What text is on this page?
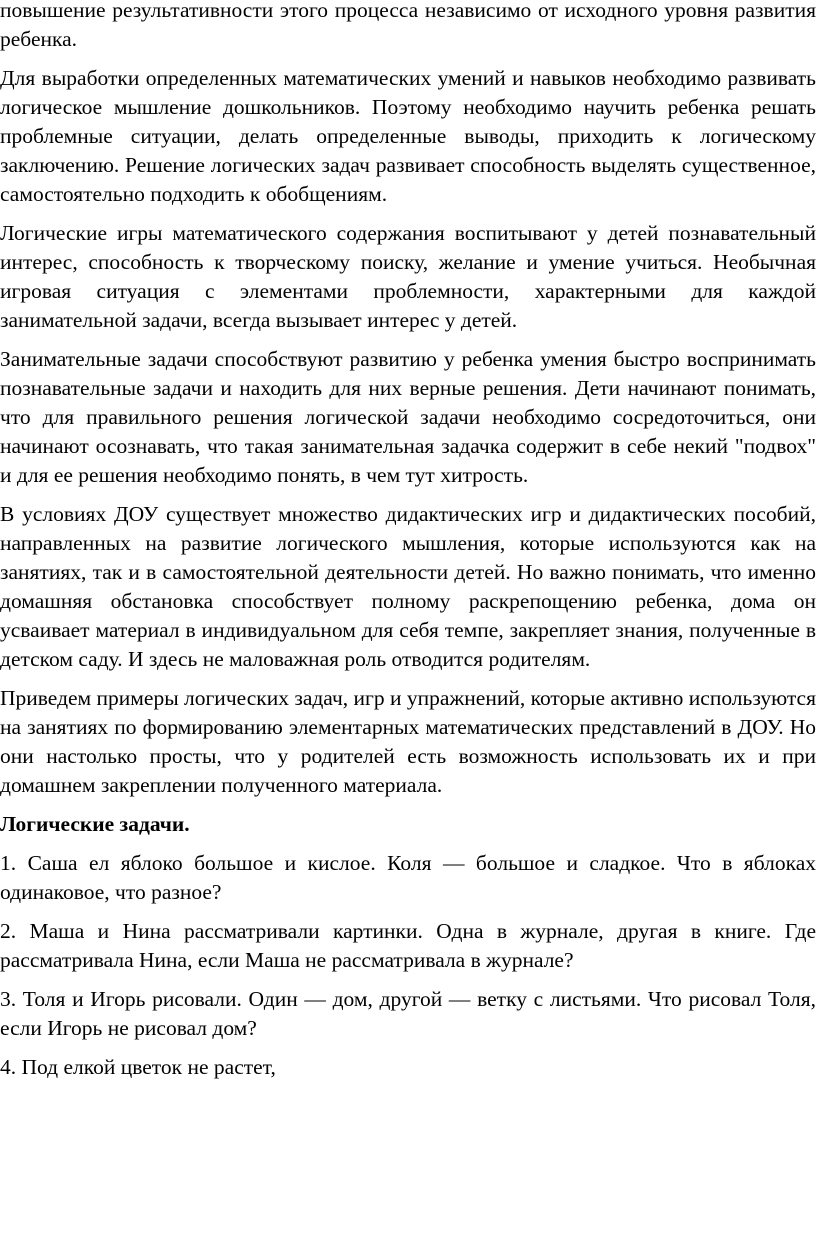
повышение результативности этого процесса независимо от исходного уровня развития ребенка.

Для выработки определенных математических умений и навыков необходимо развивать логическое мышление дошкольников. Поэтому необходимо научить ребенка решать проблемные ситуации, делать определенные выводы, приходить к логическому заключению. Решение логических задач развивает способность выделять существенное, самостоятельно подходить к обобщениям.

Логические игры математического содержания воспитывают у детей познавательный интерес, способность к творческому поиску, желание и умение учиться. Необычная игровая ситуация с элементами проблемности, характерными для каждой занимательной задачи, всегда вызывает интерес у детей.

Занимательные задачи способствуют развитию у ребенка умения быстро воспринимать познавательные задачи и находить для них верные решения. Дети начинают понимать, что для правильного решения логической задачи необходимо сосредоточиться, они начинают осознавать, что такая занимательная задачка содержит в себе некий "подвох" и для ее решения необходимо понять, в чем тут хитрость.

В условиях ДОУ существует множество дидактических игр и дидактических пособий, направленных на развитие логического мышления, которые используются как на занятиях, так и в самостоятельной деятельности детей. Но важно понимать, что именно домашняя обстановка способствует полному раскрепощению ребенка, дома он усваивает материал в индивидуальном для себя темпе, закрепляет знания, полученные в детском саду. И здесь не маловажная роль отводится родителям.

Приведем примеры логических задач, игр и упражнений, которые активно используются на занятиях по формированию элементарных математических представлений в ДОУ. Но они настолько просты, что у родителей есть возможность использовать их и при домашнем закреплении полученного материала.

Логические задачи.

1. Саша ел яблоко большое и кислое. Коля — большое и сладкое. Что в яблоках одинаковое, что разное?

2. Маша и Нина рассматривали картинки. Одна в журнале, другая в книге. Где рассматривала Нина, если Маша не рассматривала в журнале?

3. Толя и Игорь рисовали. Один — дом, другой — ветку с листьями. Что рисовал Толя, если Игорь не рисовал дом?

4. Под елкой цветок не растет,
